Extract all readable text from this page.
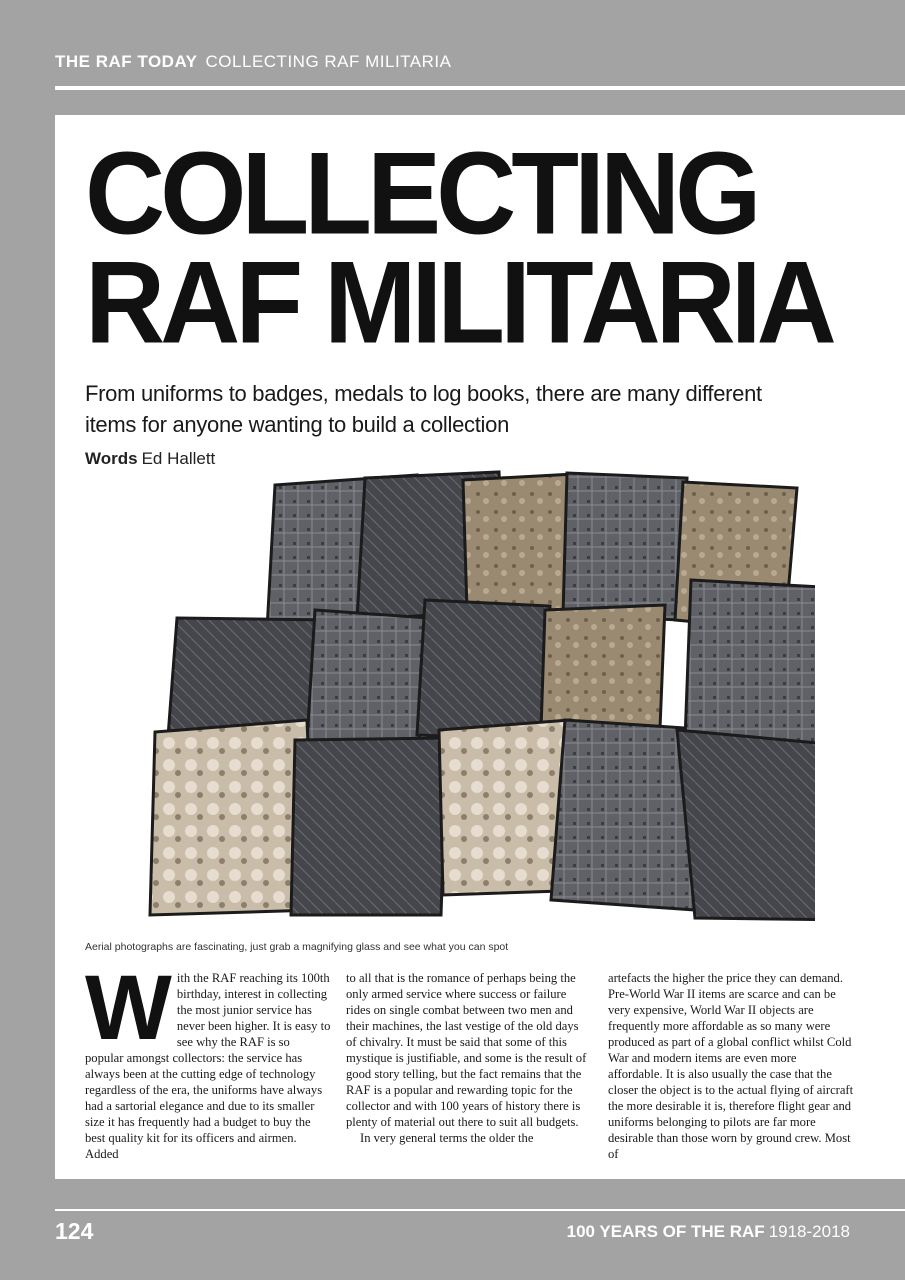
THE RAF TODAY COLLECTING RAF MILITARIA
COLLECTING
RAF MILITARIA
From uniforms to badges, medals to log books, there are many different items for anyone wanting to build a collection
Words Ed Hallett
Aerial photographs are fascinating, just grab a magnifying glass and see what you can spot
W ith the RAF reaching its 100th birthday, interest in collecting the most junior service has never been higher. It is easy to see why the RAF is so popular amongst collectors: the service has always been at the cutting edge of technology regardless of the era, the uniforms have always had a sartorial elegance and due to its smaller size it has frequently had a budget to buy the best quality kit for its officers and airmen. Added

to all that is the romance of perhaps being the only armed service where success or failure rides on single combat between two men and their machines, the last vestige of the old days of chivalry. It must be said that some of this mystique is justifiable, and some is the result of good story telling, but the fact remains that the RAF is a popular and rewarding topic for the collector and with 100 years of history there is plenty of material out there to suit all budgets.

In very general terms the older the

artefacts the higher the price they can demand. Pre-World War II items are scarce and can be very expensive, World War II objects are frequently more affordable as so many were produced as part of a global conflict whilst Cold War and modern items are even more affordable. It is also usually the case that the closer the object is to the actual flying of aircraft the more desirable it is, therefore flight gear and uniforms belonging to pilots are far more desirable than those worn by ground crew. Most of

124	100 YEARS OF THE RAF 1918-2018
